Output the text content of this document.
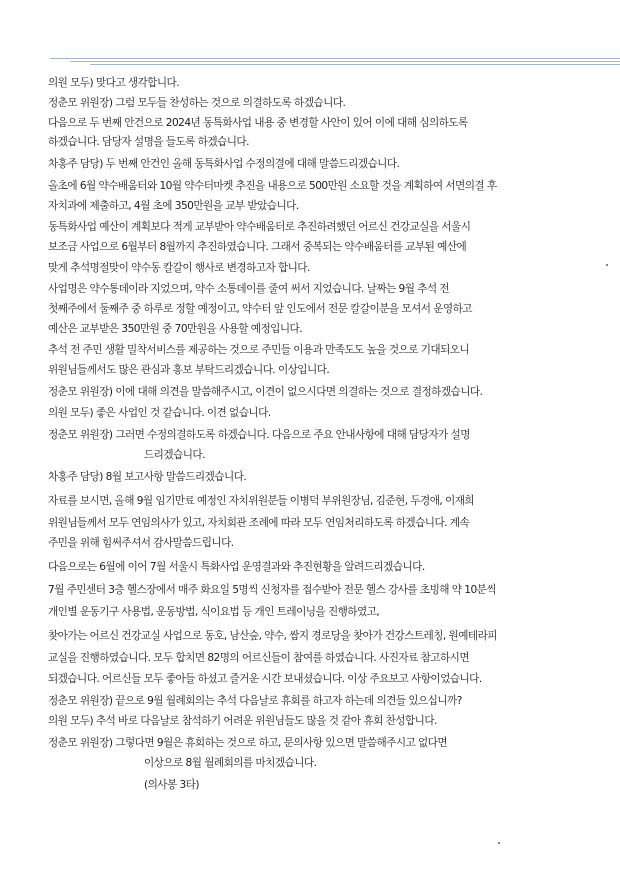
의원 모두) 맞다고 생각합니다.
정춘모 위원장) 그럼 모두들 찬성하는 것으로 의결하도록 하겠습니다.
다음으로 두 번째 안건으로 2024년 동특화사업 내용 중 변경할 사안이 있어 이에 대해 심의하도록
하겠습니다. 담당자 설명을 들도록 하겠습니다.
차홍주 담당) 두 번째 안건인 올해 동특화사업 수정의결에 대해 말씀드리겠습니다.
올초에 6월 약수배움터와 10월 약수터마켓 추진을 내용으로 500만원 소요할 것을 계획하여 서면의결 후
자치과에 제출하고, 4월 초에 350만원을 교부 받았습니다.
동특화사업 예산이 계획보다 적게 교부받아 약수배움터로 추진하려했던 어르신 건강교실을 서울시
보조금 사업으로 6월부터 8월까지 추진하였습니다. 그래서 중복되는 약수배움터를 교부된 예산에
맞게 추석명절맞이 약수동 칼갈이 행사로 변경하고자 합니다.
사업명은 약수통데이라 지었으며, 약수 소통데이를 줄여 써서 지었습니다. 날짜는 9월 추석 전
첫째주에서 둘째주 중 하루로 정할 예정이고, 약수터 앞 인도에서 전문 칼갈이분을 모셔서 운영하고
예산은 교부받은 350만원 중 70만원을 사용할 예정입니다.
추석 전 주민 생활 밀착서비스를 제공하는 것으로 주민들 이용과 만족도도 높을 것으로 기대되오니
위원님들께서도 많은 관심과 홍보 부탁드리겠습니다. 이상입니다.
정춘모 위원장) 이에 대해 의견을 말씀해주시고, 이견이 없으시다면 의결하는 것으로 결정하겠습니다.
의원 모두) 좋은 사업인 것 같습니다. 이견 없습니다.
정춘모 위원장) 그러면 수정의결하도록 하겠습니다. 다음으로 주요 안내사항에 대해 담당자가 설명
드리겠습니다.
차홍주 담당) 8월 보고사항 말씀드리겠습니다.
자료를 보시면, 올해 9월 임기만료 예정인 자치위원분들 이병덕 부위원장님, 김준현, 두경애, 이재희
위원님들께서 모두 연임의사가 있고, 자치회관 조례에 따라 모두 연임처리하도록 하겠습니다. 계속
주민을 위해 힘써주셔서 감사말씀드립니다.
다음으로는 6월에 이어 7월 서울시 특화사업 운영결과와 추진현황을 알려드리겠습니다.
7월 주민센터 3층 헬스장에서 매주 화요일 5명씩 신청자를 접수받아 전문 헬스 강사를 초빙해 약 10분씩
개인별 운동기구 사용법, 운동방법, 식이요법 등 개인 트레이닝을 진행하였고,
찾아가는 어르신 건강교실 사업으로 동호, 남산숲, 약수, 쌈지 경로당을 찾아가 건강스트레칭, 원예테라피
교실을 진행하였습니다. 모두 합치면 82명의 어르신들이 참여를 하였습니다. 사진자료 참고하시면
되겠습니다. 어르신들 모두 좋아들 하셨고 즐거운 시간 보내셨습니다. 이상 주요보고 사항이었습니다.
정춘모 위원장) 끝으로 9월 월례회의는 추석 다음날로 휴회를 하고자 하는데 의견들 있으십니까?
의원 모두) 추석 바로 다음날로 참석하기 어려운 위원님들도 많을 것 같아 휴회 찬성합니다.
정춘모 위원장) 그렇다면 9월은 휴회하는 것으로 하고, 문의사항 있으면 말씀해주시고 없다면
이상으로 8월 월례회의를 마치겠습니다.
(의사봉 3타)
